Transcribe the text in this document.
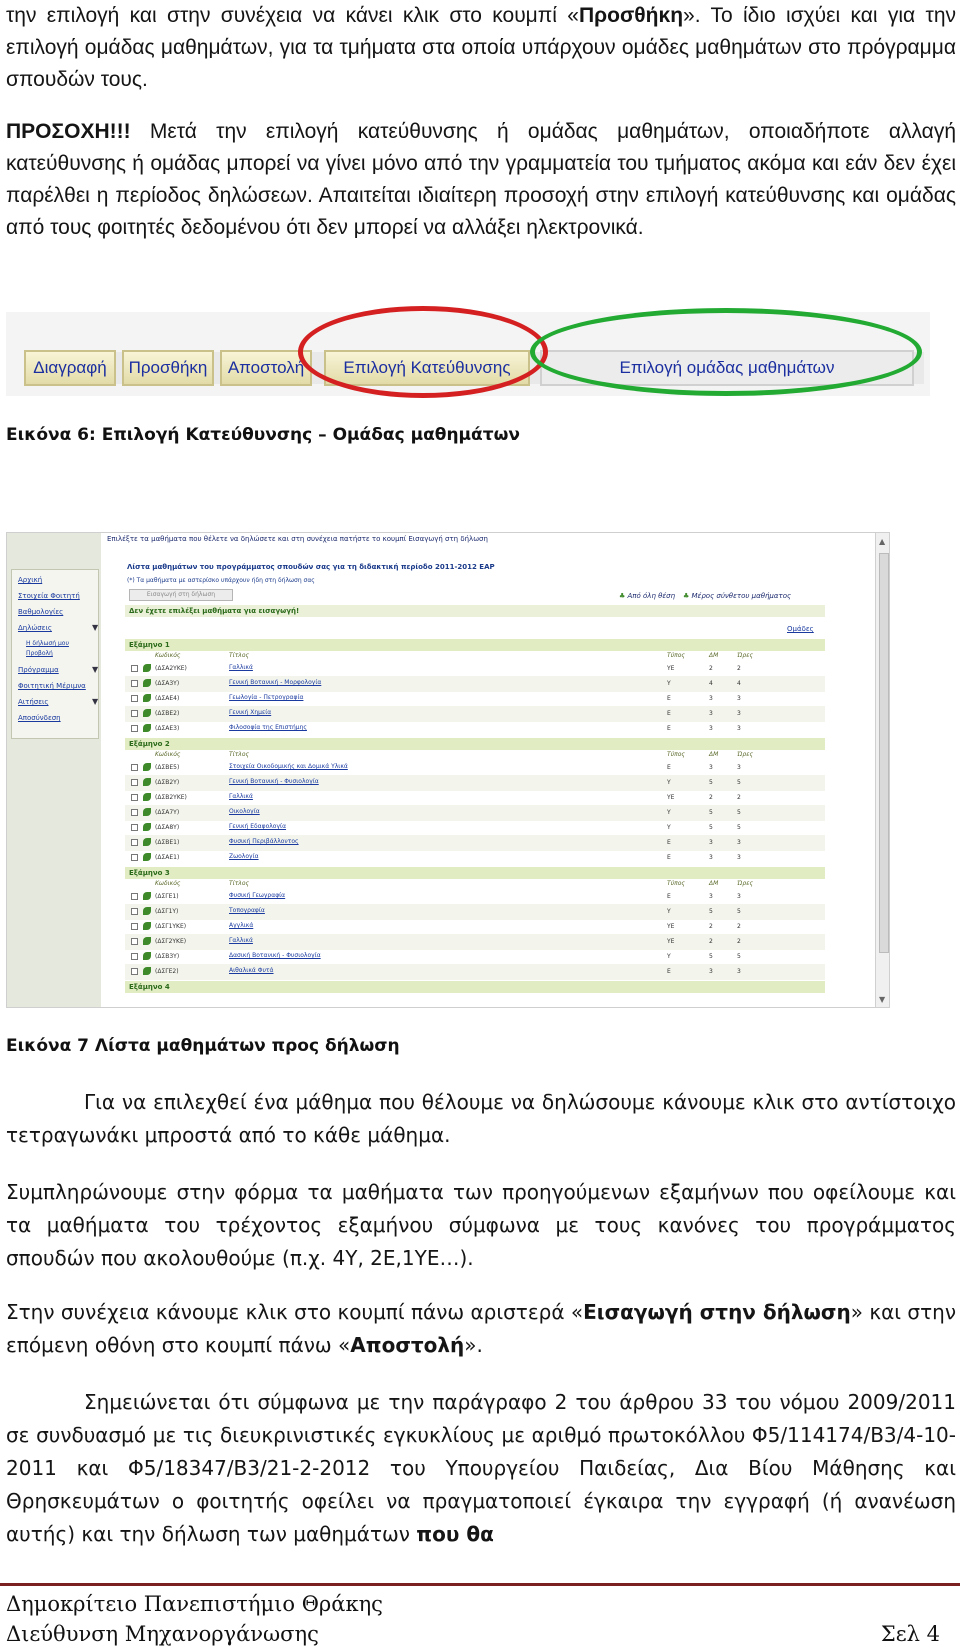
την επιλογή και στην συνέχεια να κάνει κλικ στο κουμπί «Προσθήκη». Το ίδιο ισχύει και για την επιλογή ομάδας μαθημάτων, για τα τμήματα στα οποία υπάρχουν ομάδες μαθημάτων στο πρόγραμμα σπουδών τους.

ΠΡΟΣΟΧΗ!!! Μετά την επιλογή κατεύθυνσης ή ομάδας μαθημάτων, οποιαδήποτε αλλαγή κατεύθυνσης ή ομάδας μπορεί να γίνει μόνο από την γραμματεία του τμήματος ακόμα και εάν δεν έχει παρέλθει η περίοδος δηλώσεων. Απαιτείται ιδιαίτερη προσοχή στην επιλογή κατεύθυνσης και ομάδας από τους φοιτητές δεδομένου ότι δεν μπορεί να αλλάξει ηλεκτρονικά.

Διαγραφή	Προσθήκη	Αποστολή	Επιλογή Κατεύθυνσης	Επιλογή ομάδας μαθημάτων
Εικόνα 6: Επιλογή Κατεύθυνσης – Ομάδας μαθημάτων
Αρχική
Στοιχεία Φοιτητή
Βαθμολογίες
Δηλώσεις	▼
Η δήλωσή μου
Προβολή
Πρόγραμμα	▼
Φοιτητική Μέριμνα
Αιτήσεις	▼
Αποσύνδεση
Επιλέξτε τα μαθήματα που θέλετε να δηλώσετε και στη συνέχεια πατήστε το κουμπί Εισαγωγή στη δήλωση
Λίστα μαθημάτων του προγράμματος σπουδών σας για τη διδακτική περίοδο 2011-2012 ΕΑΡ
(*) Τα μαθήματα με αστερίσκο υπάρχουν ήδη στη δήλωση σας
Εισαγωγή στη δήλωση	♣ Από όλη θέση ♣ Μέρος σύνθετου μαθήματος
Δεν έχετε επιλέξει μαθήματα για εισαγωγή!
Ομάδες
▲
▼
Εξάμηνο 1
Κωδικός	Τίτλος	Τύπος	ΔΜ	Ώρες
(ΔΣΑ2ΥΚΕ)	Γαλλικά	ΥΕ	2	2
(ΔΣΑ3Υ)	Γενική Βοτανική - Μορφολογία	Υ	4	4
(ΔΣΑΕ4)	Γεωλογία - Πετρογραφία	Ε	3	3
(ΔΣΒΕ2)	Γενική Χημεία	Ε	3	3
(ΔΣΑΕ3)	Φιλοσοφία της Επιστήμης	Ε	3	3
Εξάμηνο 2
Κωδικός	Τίτλος	Τύπος	ΔΜ	Ώρες
(ΔΣΒΕ5)	Στοιχεία Οικοδομικής και Δομικά Υλικά	Ε	3	3
(ΔΣΒ2Υ)	Γενική Βοτανική - Φυσιολογία	Υ	5	5
(ΔΣΒ2ΥΚΕ)	Γαλλικά	ΥΕ	2	2
(ΔΣΑ7Υ)	Οικολογία	Υ	5	5
(ΔΣΑ8Υ)	Γενική Εδαφολογία	Υ	5	5
(ΔΣΒΕ1)	Φυσική Περιβάλλοντος	Ε	3	3
(ΔΣΑΕ1)	Ζωολογία	Ε	3	3
Εξάμηνο 3
Κωδικός	Τίτλος	Τύπος	ΔΜ	Ώρες
(ΔΣΓΕ1)	Φυσική Γεωγραφία	Ε	3	3
(ΔΣΓ1Υ)	Τοπογραφία	Υ	5	5
(ΔΣΓ1ΥΚΕ)	Αγγλικά	ΥΕ	2	2
(ΔΣΓ2ΥΚΕ)	Γαλλικά	ΥΕ	2	2
(ΔΣΒ3Υ)	Δασική Βοτανική - Φυσιολογία	Υ	5	5
(ΔΣΓΕ2)	Αιθαλικά Φυτά	Ε	3	3
Εξάμηνο 4
Εικόνα 7 Λίστα μαθημάτων προς δήλωση

Για να επιλεχθεί ένα μάθημα που θέλουμε να δηλώσουμε κάνουμε κλικ στο αντίστοιχο τετραγωνάκι μπροστά από το κάθε μάθημα.

Συμπληρώνουμε στην φόρμα τα μαθήματα των προηγούμενων εξαμήνων που οφείλουμε και τα μαθήματα του τρέχοντος εξαμήνου σύμφωνα με τους κανόνες του προγράμματος σπουδών που ακολουθούμε (π.χ. 4Υ, 2Ε,1ΥΕ…).

Στην συνέχεια κάνουμε κλικ στο κουμπί πάνω αριστερά «Εισαγωγή στην δήλωση» και στην επόμενη οθόνη στο κουμπί πάνω «Αποστολή».

Σημειώνεται ότι σύμφωνα με την παράγραφο 2 του άρθρου 33 του νόμου 2009/2011 σε συνδυασμό με τις διευκρινιστικές εγκυκλίους με αριθμό πρωτοκόλλου Φ5/114174/Β3/4-10-2011 και Φ5/18347/Β3/21-2-2012 του Υπουργείου Παιδείας, Δια Βίου Μάθησης και Θρησκευμάτων ο φοιτητής οφείλει να πραγματοποιεί έγκαιρα την εγγραφή (ή ανανέωση αυτής) και την δήλωση των μαθημάτων που θα

Δημοκρίτειο Πανεπιστήμιο Θράκης
Διεύθυνση Μηχανοργάνωσης	Σελ 4
